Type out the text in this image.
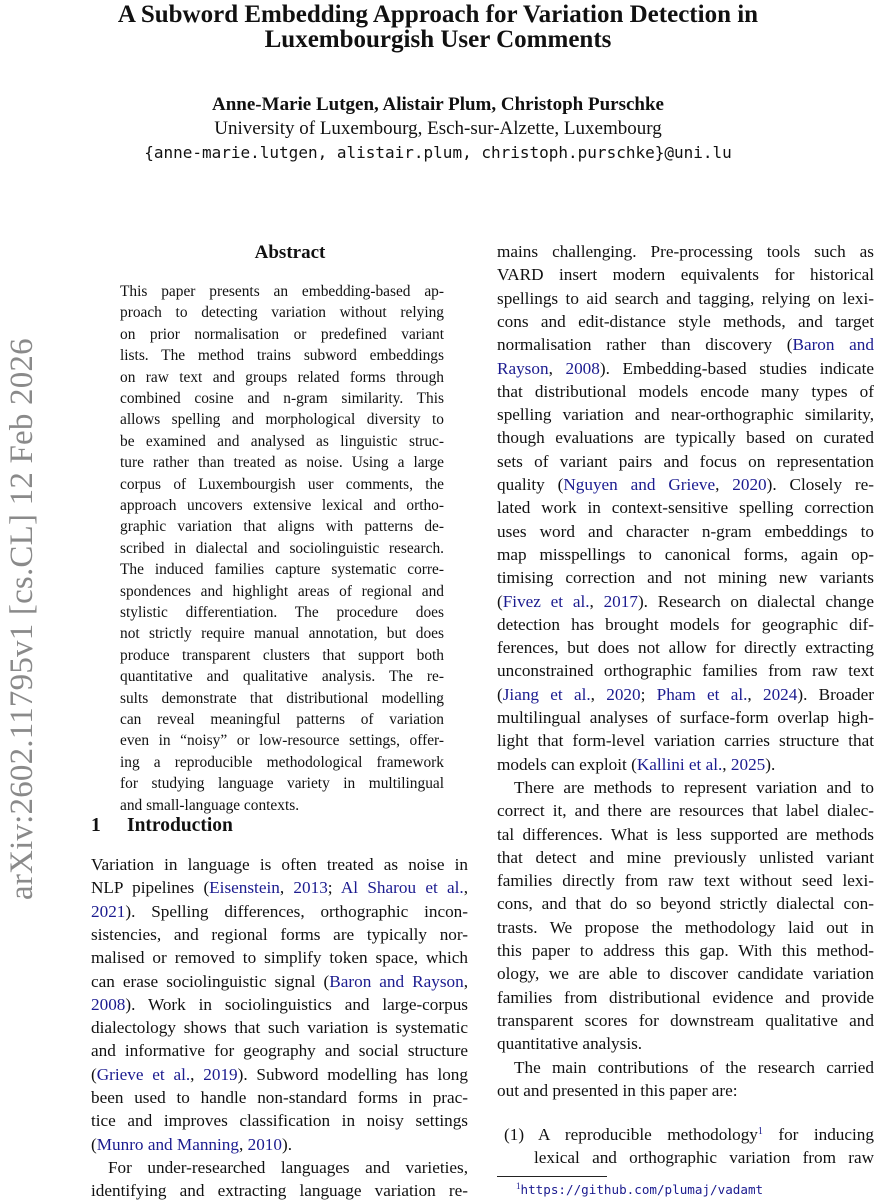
arXiv:2602.11795v1 [cs.CL] 12 Feb 2026
A Subword Embedding Approach for Variation Detection in
Luxembourgish User Comments
Anne-Marie Lutgen, Alistair Plum, Christoph Purschke
University of Luxembourg, Esch-sur-Alzette, Luxembourg
{anne-marie.lutgen, alistair.plum, christoph.purschke}@uni.lu
Abstract
This paper presents an embedding-based ap-
proach to detecting variation without relying
on prior normalisation or predefined variant
lists. The method trains subword embeddings
on raw text and groups related forms through
combined cosine and n-gram similarity. This
allows spelling and morphological diversity to
be examined and analysed as linguistic struc-
ture rather than treated as noise. Using a large
corpus of Luxembourgish user comments, the
approach uncovers extensive lexical and ortho-
graphic variation that aligns with patterns de-
scribed in dialectal and sociolinguistic research.
The induced families capture systematic corre-
spondences and highlight areas of regional and
stylistic differentiation. The procedure does
not strictly require manual annotation, but does
produce transparent clusters that support both
quantitative and qualitative analysis. The re-
sults demonstrate that distributional modelling
can reveal meaningful patterns of variation
even in “noisy” or low-resource settings, offer-
ing a reproducible methodological framework
for studying language variety in multilingual
and small-language contexts.
1 Introduction
Variation in language is often treated as noise in
NLP pipelines (Eisenstein, 2013; Al Sharou et al.,
2021). Spelling differences, orthographic incon-
sistencies, and regional forms are typically nor-
malised or removed to simplify token space, which
can erase sociolinguistic signal (Baron and Rayson,
2008). Work in sociolinguistics and large-corpus
dialectology shows that such variation is systematic
and informative for geography and social structure
(Grieve et al., 2019). Subword modelling has long
been used to handle non-standard forms in prac-
tice and improves classification in noisy settings
(Munro and Manning, 2010).
For under-researched languages and varieties,
identifying and extracting language variation re-
mains challenging. Pre-processing tools such as
VARD insert modern equivalents for historical
spellings to aid search and tagging, relying on lexi-
cons and edit-distance style methods, and target
normalisation rather than discovery (Baron and
Rayson, 2008). Embedding-based studies indicate
that distributional models encode many types of
spelling variation and near-orthographic similarity,
though evaluations are typically based on curated
sets of variant pairs and focus on representation
quality (Nguyen and Grieve, 2020). Closely re-
lated work in context-sensitive spelling correction
uses word and character n-gram embeddings to
map misspellings to canonical forms, again op-
timising correction and not mining new variants
(Fivez et al., 2017). Research on dialectal change
detection has brought models for geographic dif-
ferences, but does not allow for directly extracting
unconstrained orthographic families from raw text
(Jiang et al., 2020; Pham et al., 2024). Broader
multilingual analyses of surface-form overlap high-
light that form-level variation carries structure that
models can exploit (Kallini et al., 2025).
There are methods to represent variation and to
correct it, and there are resources that label dialec-
tal differences. What is less supported are methods
that detect and mine previously unlisted variant
families directly from raw text without seed lexi-
cons, and that do so beyond strictly dialectal con-
trasts. We propose the methodology laid out in
this paper to address this gap. With this method-
ology, we are able to discover candidate variation
families from distributional evidence and provide
transparent scores for downstream qualitative and
quantitative analysis.
The main contributions of the research carried
out and presented in this paper are:
(1) A reproducible methodology$^1$ for inducing
lexical and orthographic variation from raw
$^1$https://github.com/plumaj/vadamt
